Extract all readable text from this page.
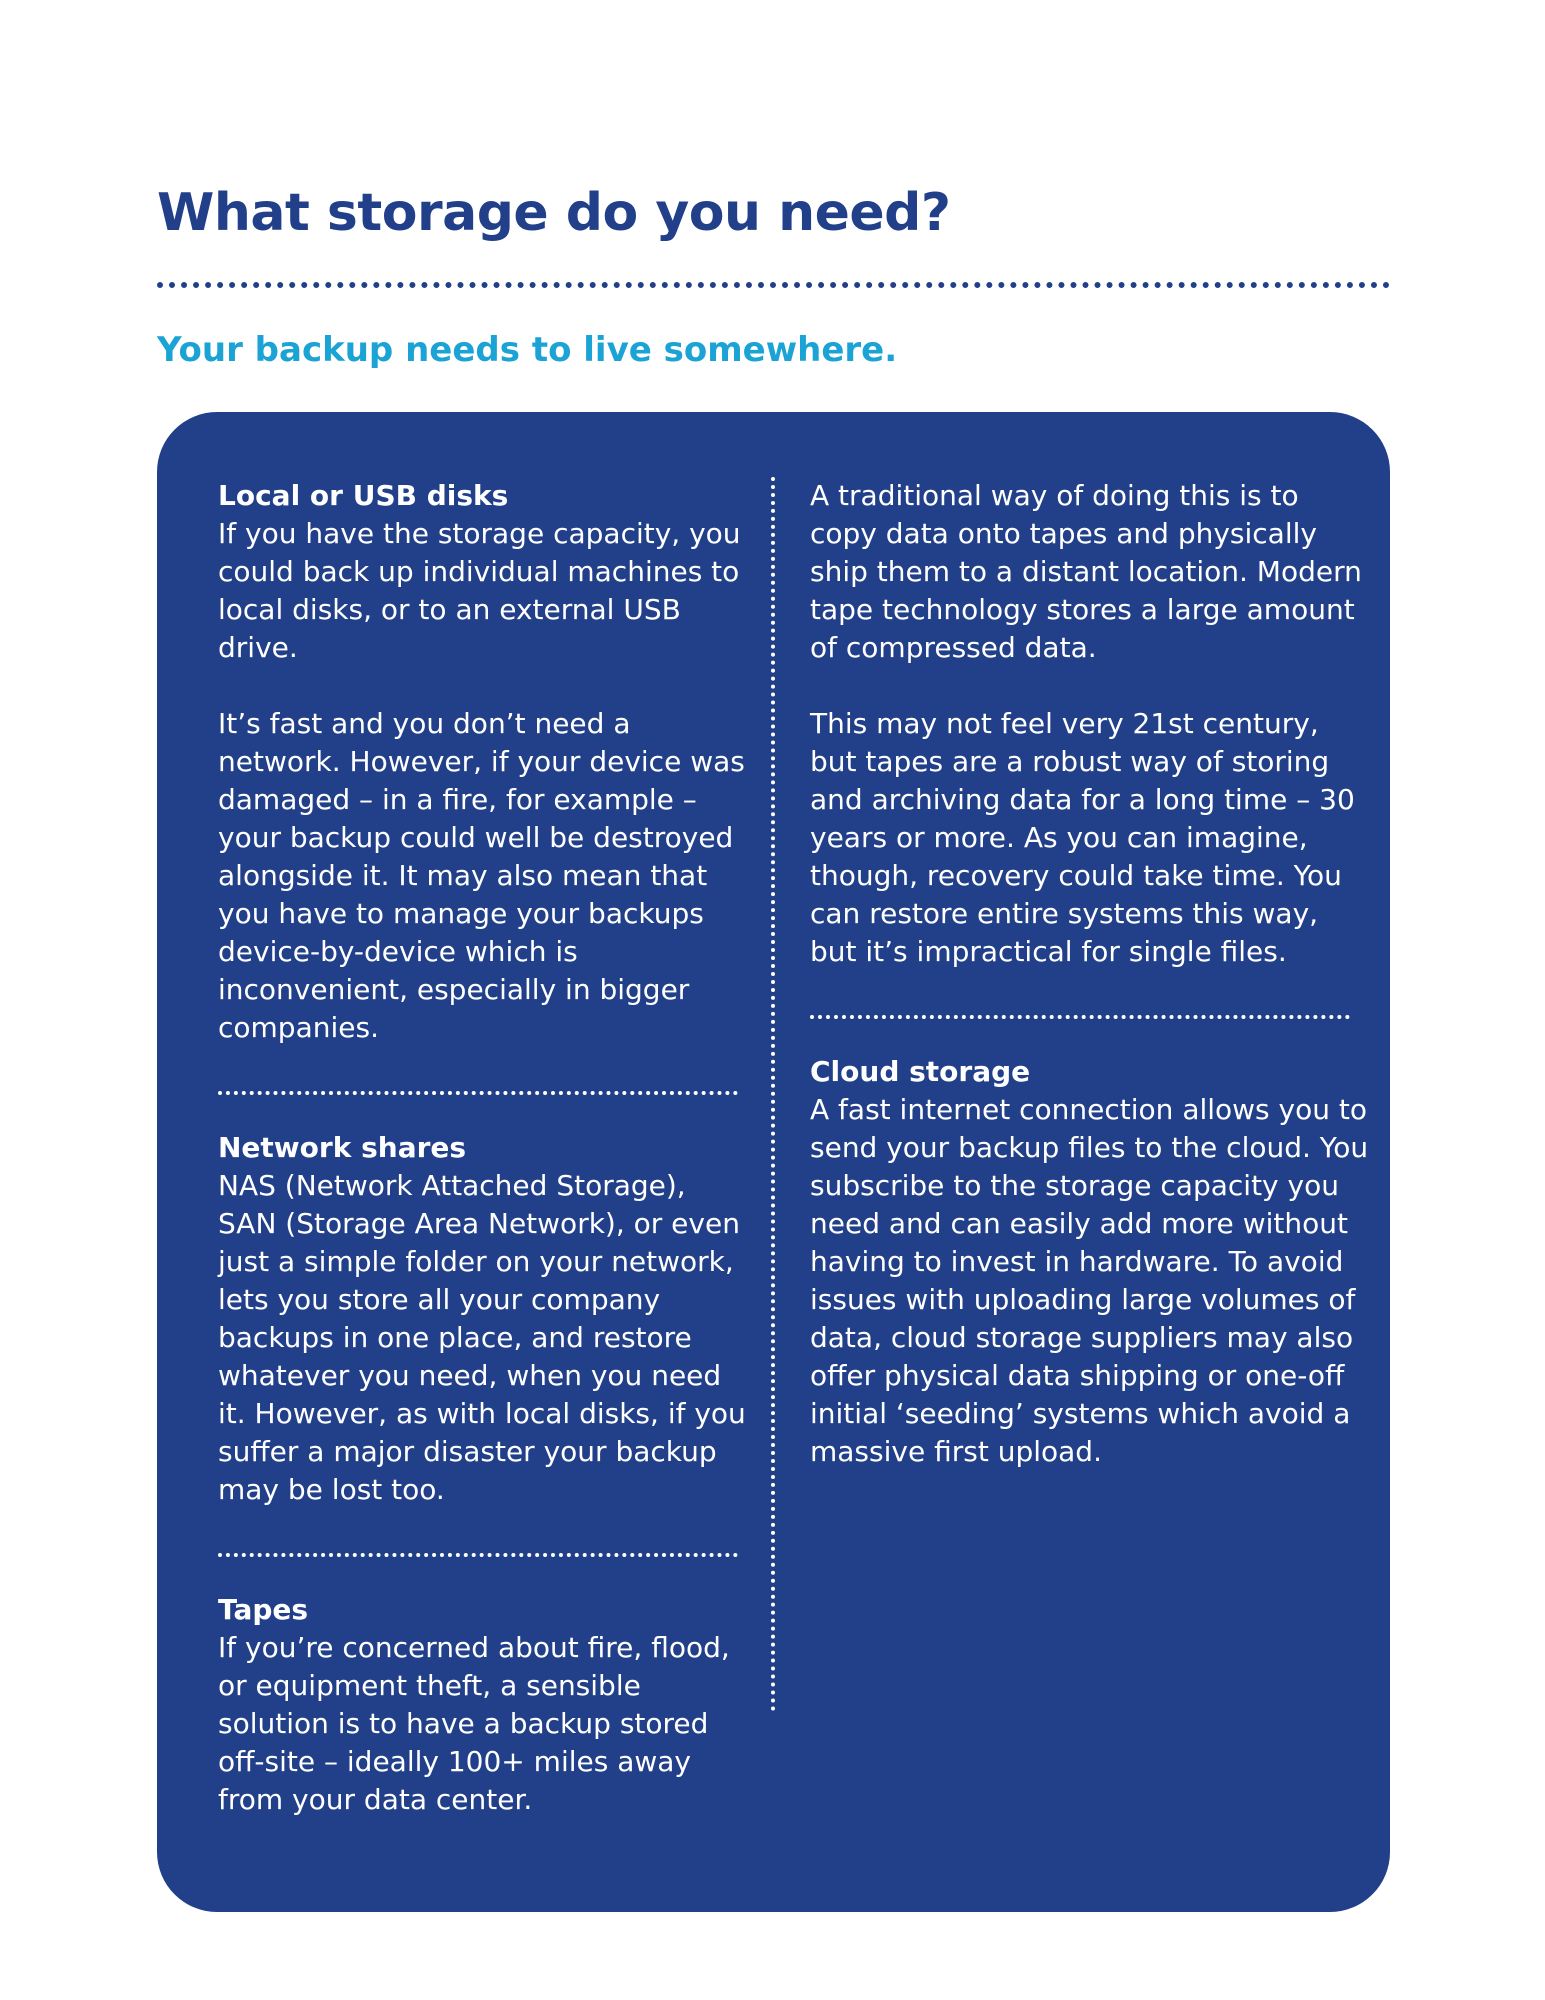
What storage do you need?
Your backup needs to live somewhere.
Local or USB disks

If you have the storage capacity, you could back up individual machines to local disks, or to an external USB drive.

It’s fast and you don’t need a network. However, if your device was damaged – in a fire, for example – your backup could well be destroyed alongside it. It may also mean that you have to manage your backups device-by-device which is inconvenient, especially in bigger companies.

Network shares

NAS (Network Attached Storage), SAN (Storage Area Network), or even just a simple folder on your network, lets you store all your company backups in one place, and restore whatever you need, when you need it. However, as with local disks, if you suffer a major disaster your backup may be lost too.

Tapes

If you’re concerned about fire, flood, or equipment theft, a sensible solution is to have a backup stored off-site – ideally 100+ miles away from your data center.

A traditional way of doing this is to copy data onto tapes and physically ship them to a distant location. Modern tape technology stores a large amount of compressed data.

This may not feel very 21st century, but tapes are a robust way of storing and archiving data for a long time – 30 years or more. As you can imagine, though, recovery could take time. You can restore entire systems this way, but it’s impractical for single files.

Cloud storage

A fast internet connection allows you to send your backup files to the cloud. You subscribe to the storage capacity you need and can easily add more without having to invest in hardware. To avoid issues with uploading large volumes of data, cloud storage suppliers may also offer physical data shipping or one-off initial ‘seeding’ systems which avoid a massive first upload.
